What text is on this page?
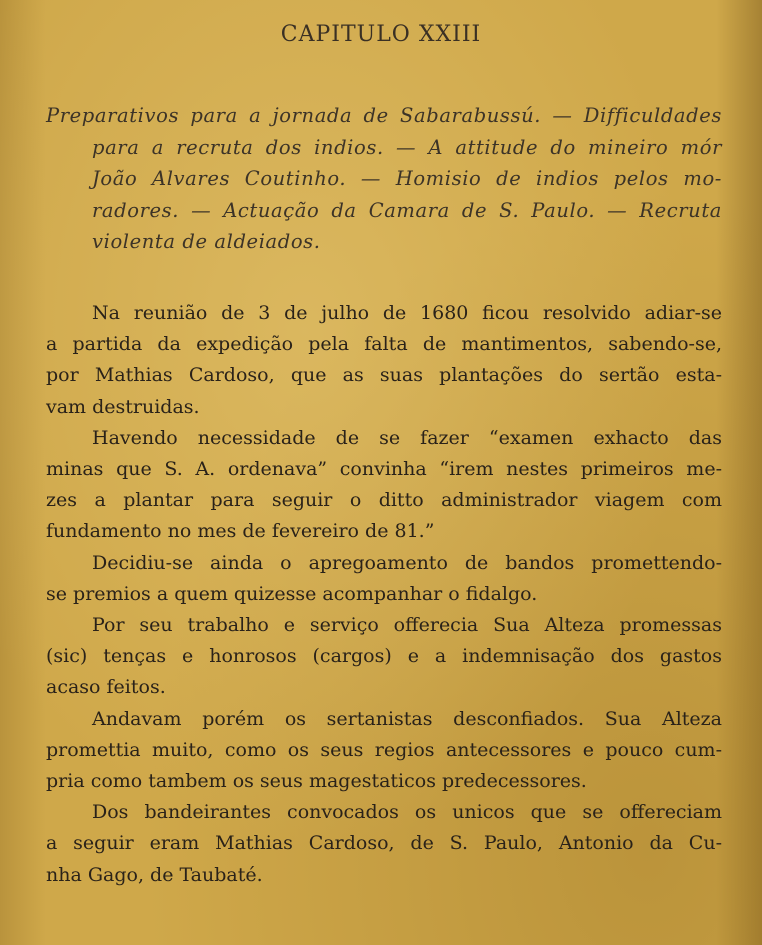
CAPITULO XXIII
Preparativos para a jornada de Sabarabussú. — Difficuldades
para a recruta dos indios. — A attitude do mineiro mór
João Alvares Coutinho. — Homisio de indios pelos mo-
radores. — Actuação da Camara de S. Paulo. — Recruta
violenta de aldeiados.

Na reunião de 3 de julho de 1680 ficou resolvido adiar-se
a partida da expedição pela falta de mantimentos, sabendo-se,
por Mathias Cardoso, que as suas plantações do sertão esta-
vam destruidas.

Havendo necessidade de se fazer “examen exhacto das
minas que S. A. ordenava” convinha “irem nestes primeiros me-
zes a plantar para seguir o ditto administrador viagem com
fundamento no mes de fevereiro de 81.”

Decidiu-se ainda o apregoamento de bandos promettendo-
se premios a quem quizesse acompanhar o fidalgo.

Por seu trabalho e serviço offerecia Sua Alteza promessas
(sic) tenças e honrosos (cargos) e a indemnisação dos gastos
acaso feitos.

Andavam porém os sertanistas desconfiados. Sua Alteza
promettia muito, como os seus regios antecessores e pouco cum-
pria como tambem os seus magestaticos predecessores.

Dos bandeirantes convocados os unicos que se offereciam
a seguir eram Mathias Cardoso, de S. Paulo, Antonio da Cu-
nha Gago, de Taubaté.
